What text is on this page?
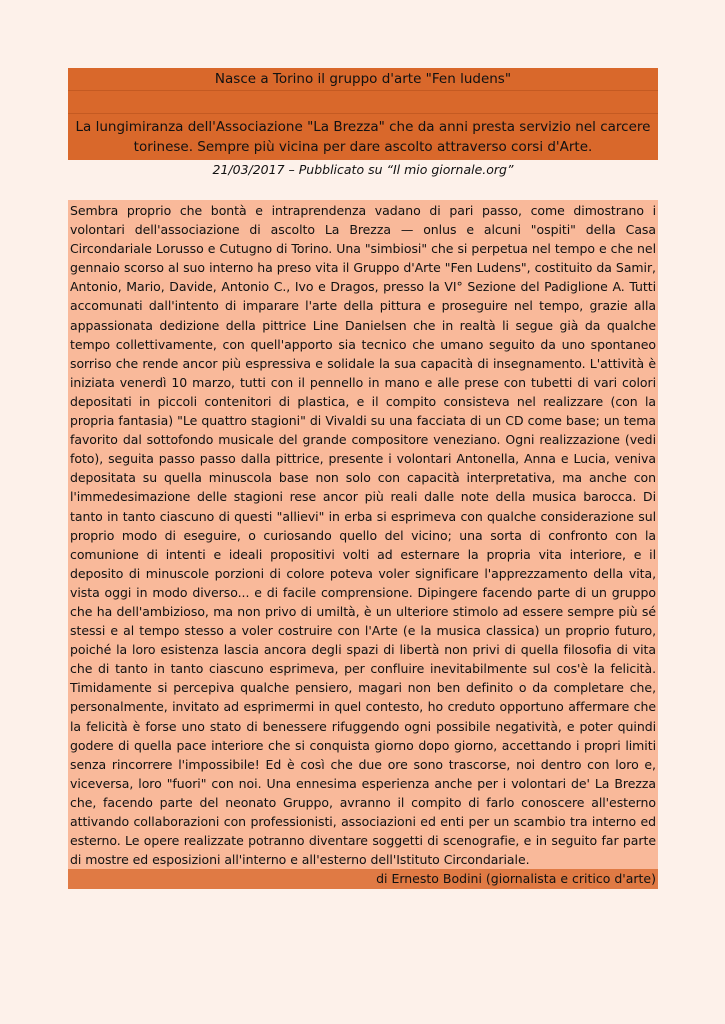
Nasce a Torino il gruppo d'arte "Fen ludens"
La lungimiranza dell'Associazione "La Brezza" che da anni presta servizio nel carcere torinese. Sempre più vicina per dare ascolto attraverso corsi d'Arte.
21/03/2017 – Pubblicato su “Il mio giornale.org”
Sembra proprio che bontà e intraprendenza vadano di pari passo, come dimostrano i volontari dell'associazione di ascolto La Brezza — onlus e alcuni "ospiti" della Casa Circondariale Lorusso e Cutugno di Torino. Una "simbiosi" che si perpetua nel tempo e che nel gennaio scorso al suo interno ha preso vita il Gruppo d'Arte "Fen Ludens", costituito da Samir, Antonio, Mario, Davide, Antonio C., Ivo e Dragos, presso la VI° Sezione del Padiglione A. Tutti accomunati dall'intento di imparare l'arte della pittura e proseguire nel tempo, grazie alla appassionata dedizione della pittrice Line Danielsen che in realtà li segue già da qualche tempo collettivamente, con quell'apporto sia tecnico che umano seguito da uno spontaneo sorriso che rende ancor più espressiva e solidale la sua capacità di insegnamento. L'attività è iniziata venerdì 10 marzo, tutti con il pennello in mano e alle prese con tubetti di vari colori depositati in piccoli contenitori di plastica, e il compito consisteva nel realizzare (con la propria fantasia) "Le quattro stagioni" di Vivaldi su una facciata di un CD come base; un tema favorito dal sottofondo musicale del grande compositore veneziano. Ogni realizzazione (vedi foto), seguita passo passo dalla pittrice, presente i volontari Antonella, Anna e Lucia, veniva depositata su quella minuscola base non solo con capacità interpretativa, ma anche con l'immedesimazione delle stagioni rese ancor più reali dalle note della musica barocca. Di tanto in tanto ciascuno di questi "allievi" in erba si esprimeva con qualche considerazione sul proprio modo di eseguire, o curiosando quello del vicino; una sorta di confronto con la comunione di intenti e ideali propositivi volti ad esternare la propria vita interiore, e il deposito di minuscole porzioni di colore poteva voler significare l'apprezzamento della vita, vista oggi in modo diverso... e di facile comprensione. Dipingere facendo parte di un gruppo che ha dell'ambizioso, ma non privo di umiltà, è un ulteriore stimolo ad essere sempre più sé stessi e al tempo stesso a voler costruire con l'Arte (e la musica classica) un proprio futuro, poiché la loro esistenza lascia ancora degli spazi di libertà non privi di quella filosofia di vita che di tanto in tanto ciascuno esprimeva, per confluire inevitabilmente sul cos'è la felicità. Timidamente si percepiva qualche pensiero, magari non ben definito o da completare che, personalmente, invitato ad esprimermi in quel contesto, ho creduto opportuno affermare che la felicità è forse uno stato di benessere rifuggendo ogni possibile negatività, e poter quindi godere di quella pace interiore che si conquista giorno dopo giorno, accettando i propri limiti senza rincorrere l'impossibile! Ed è così che due ore sono trascorse, noi dentro con loro e, viceversa, loro "fuori" con noi. Una ennesima esperienza anche per i volontari de' La Brezza che, facendo parte del neonato Gruppo, avranno il compito di farlo conoscere all'esterno attivando collaborazioni con professionisti, associazioni ed enti per un scambio tra interno ed esterno. Le opere realizzate potranno diventare soggetti di scenografie, e in seguito far parte di mostre ed esposizioni all'interno e all'esterno dell'Istituto Circondariale.
di Ernesto Bodini (giornalista e critico d'arte)
